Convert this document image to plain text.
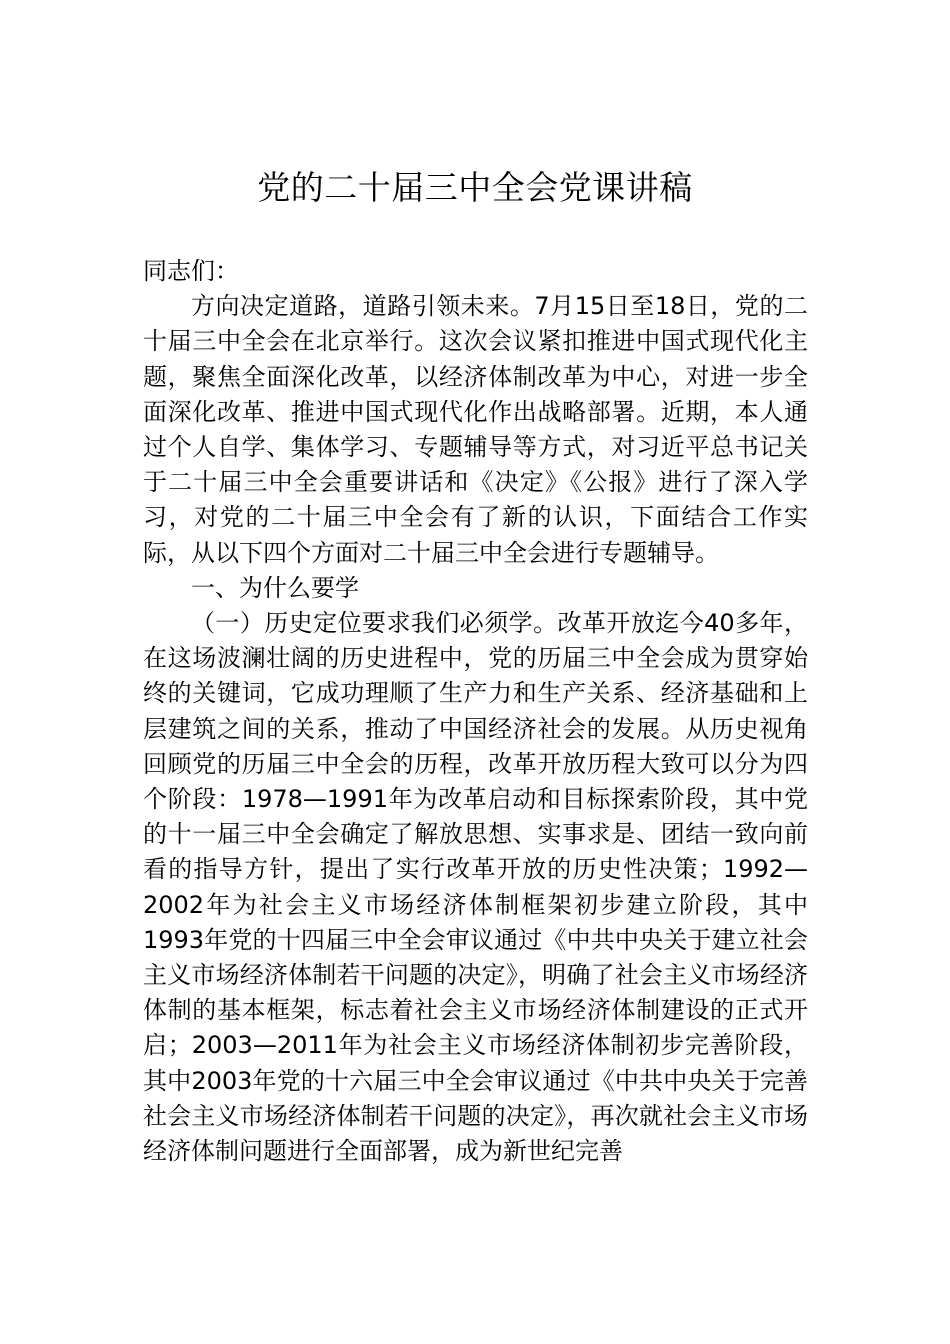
党的二十届三中全会党课讲稿

同志们：

方向决定道路，道路引领未来。7月15日至18日，党的二十届三中全会在北京举行。这次会议紧扣推进中国式现代化主题，聚焦全面深化改革，以经济体制改革为中心，对进一步全面深化改革、推进中国式现代化作出战略部署。近期，本人通过个人自学、集体学习、专题辅导等方式，对习近平总书记关于二十届三中全会重要讲话和《决定》《公报》进行了深入学习，对党的二十届三中全会有了新的认识，下面结合工作实际，从以下四个方面对二十届三中全会进行专题辅导。

一、为什么要学

（一）历史定位要求我们必须学。改革开放迄今40多年，在这场波澜壮阔的历史进程中，党的历届三中全会成为贯穿始终的关键词，它成功理顺了生产力和生产关系、经济基础和上层建筑之间的关系，推动了中国经济社会的发展。从历史视角回顾党的历届三中全会的历程，改革开放历程大致可以分为四个阶段：1978—1991年为改革启动和目标探索阶段，其中党的十一届三中全会确定了解放思想、实事求是、团结一致向前看的指导方针，提出了实行改革开放的历史性决策；1992—2002年为社会主义市场经济体制框架初步建立阶段，其中1993年党的十四届三中全会审议通过《中共中央关于建立社会主义市场经济体制若干问题的决定》，明确了社会主义市场经济体制的基本框架，标志着社会主义市场经济体制建设的正式开启；2003—2011年为社会主义市场经济体制初步完善阶段，其中2003年党的十六届三中全会审议通过《中共中央关于完善社会主义市场经济体制若干问题的决定》，再次就社会主义市场经济体制问题进行全面部署，成为新世纪完善
